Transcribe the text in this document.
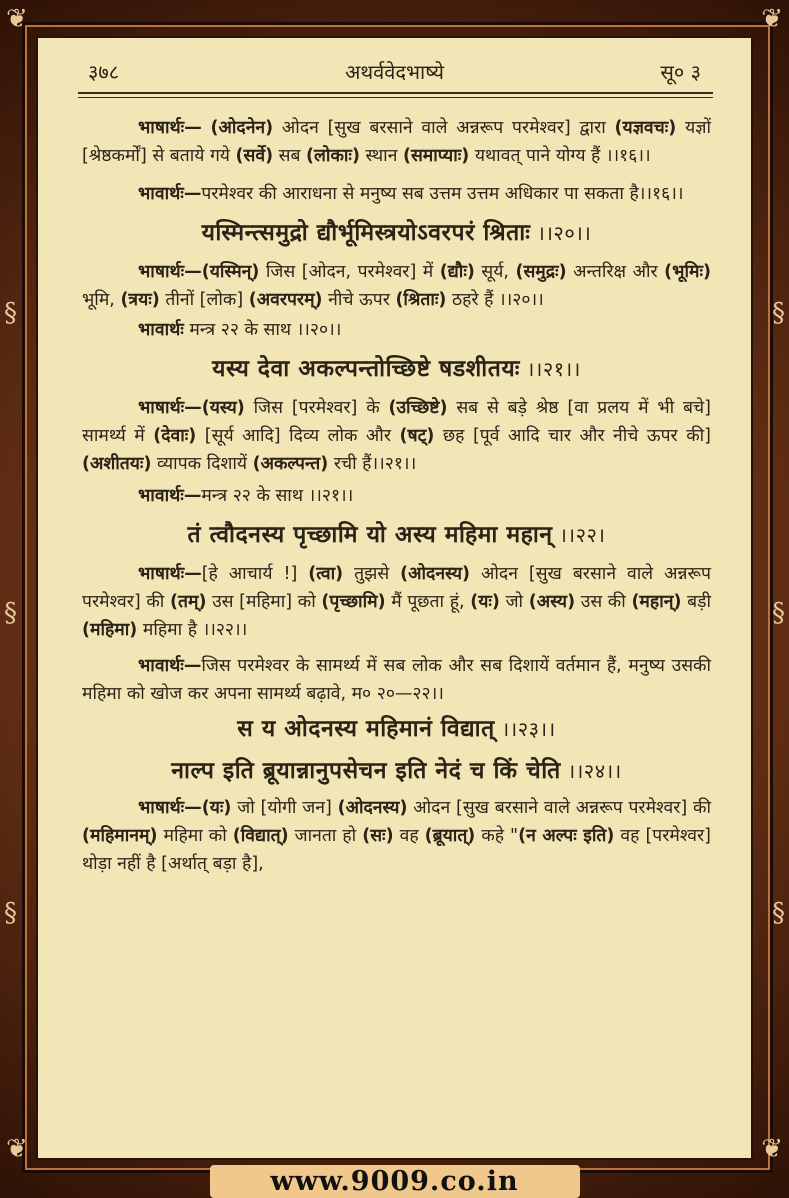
❦	❦
❦	❦
§
§
§
§
§
§
अथर्ववेदभाष्ये
३७८	सू० ३

भाषार्थः— (ओदनेन) ओदन [सुख बरसाने वाले अन्नरूप परमेश्वर] द्वारा (यज्ञवचः) यज्ञों [श्रेष्ठकर्मों] से बताये गये (सर्वे) सब (लोकाः) स्थान (समाप्याः) यथावत् पाने योग्य हैं ।।१६।।

भावार्थः—परमेश्वर की आराधना से मनुष्य सब उत्तम उत्तम अधिकार पा सकता है।।१६।।

यस्मिन्त्समुद्रो द्यौर्भूमिस्त्रयोऽवरपरं श्रिताः ।।२०।।

भाषार्थः—(यस्मिन्) जिस [ओदन, परमेश्वर] में (द्यौः) सूर्य, (समुद्रः) अन्तरिक्ष और (भूमिः) भूमि, (त्रयः) तीनों [लोक] (अवरपरम्) नीचे ऊपर (श्रिताः) ठहरे हैं ।।२०।।

भावार्थः मन्त्र २२ के साथ ।।२०।।

यस्य देवा अकल्पन्तोच्छिष्टे षडशीतयः ।।२१।।

भाषार्थः—(यस्य) जिस [परमेश्वर] के (उच्छिष्टे) सब से बड़े श्रेष्ठ [वा प्रलय में भी बचे] सामर्थ्य में (देवाः) [सूर्य आदि] दिव्य लोक और (षट्) छह [पूर्व आदि चार और नीचे ऊपर की] (अशीतयः) व्यापक दिशायें (अकल्पन्त) रची हैं।।२१।।

भावार्थः—मन्त्र २२ के साथ ।।२१।।

तं त्वौदनस्य पृच्छामि यो अस्य महिमा महान् ।।२२।

भाषार्थः—[हे आचार्य !] (त्वा) तुझसे (ओदनस्य) ओदन [सुख बरसाने वाले अन्नरूप परमेश्वर] की (तम्) उस [महिमा] को (पृच्छामि) मैं पूछता हूं, (यः) जो (अस्य) उस की (महान्) बड़ी (महिमा) महिमा है ।।२२।।

भावार्थः—जिस परमेश्वर के सामर्थ्य में सब लोक और सब दिशायें वर्तमान हैं, मनुष्य उसकी महिमा को खोज कर अपना सामर्थ्य बढ़ावे, म० २०—२२।।

स य ओदनस्य महिमानं विद्यात् ।।२३।।

नाल्प इति ब्रूयान्नानुपसेचन इति नेदं च किं चेति ।।२४।।

भाषार्थः—(यः) जो [योगी जन] (ओदनस्य) ओदन [सुख बरसाने वाले अन्नरूप परमेश्वर] की (महिमानम्) महिमा को (विद्यात्) जानता हो (सः) वह (ब्रूयात्) कहे "(न अल्पः इति) वह [परमेश्वर] थोड़ा नहीं है [अर्थात् बड़ा है],

www.9009.co.in
